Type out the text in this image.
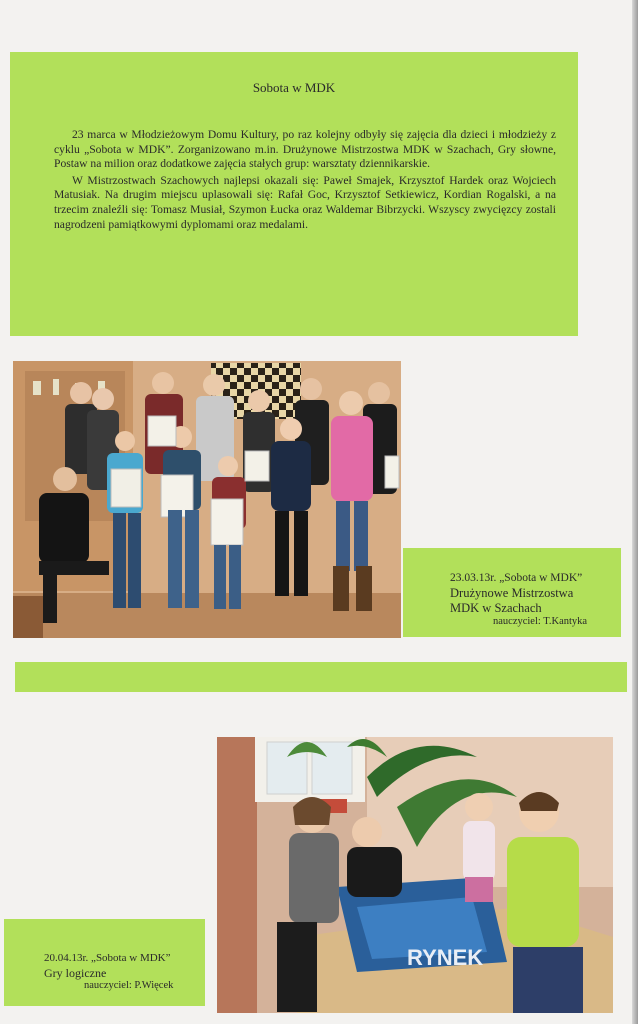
Sobota w MDK

23 marca w Młodzieżowym Domu Kultury, po raz kolejny odbyły się zajęcia dla dzieci i młodzieży z cyklu „Sobota w MDK”. Zorganizowano m.in. Drużynowe Mistrzostwa MDK w Szachach, Gry słowne, Postaw na milion oraz dodatkowe zajęcia stałych grup: warsztaty dziennikarskie.

W Mistrzostwach Szachowych najlepsi okazali się: Paweł Smajek, Krzysztof Hardek oraz Wojciech Matusiak. Na drugim miejscu uplasowali się: Rafał Goc, Krzysztof Setkiewicz, Kordian Rogalski, a na trzecim znaleźli się: Tomasz Musiał, Szymon Łucka oraz Waldemar Bibrzycki. Wszyscy zwycięzcy zostali nagrodzeni pamiątkowymi dyplomami oraz medalami.

23.03.13r. „Sobota w MDK”
Drużynowe Mistrzostwa
MDK w Szachach
nauczyciel: T.Kantyka
RYNEK
20.04.13r. „Sobota w MDK”
Gry logiczne
nauczyciel: P.Więcek
